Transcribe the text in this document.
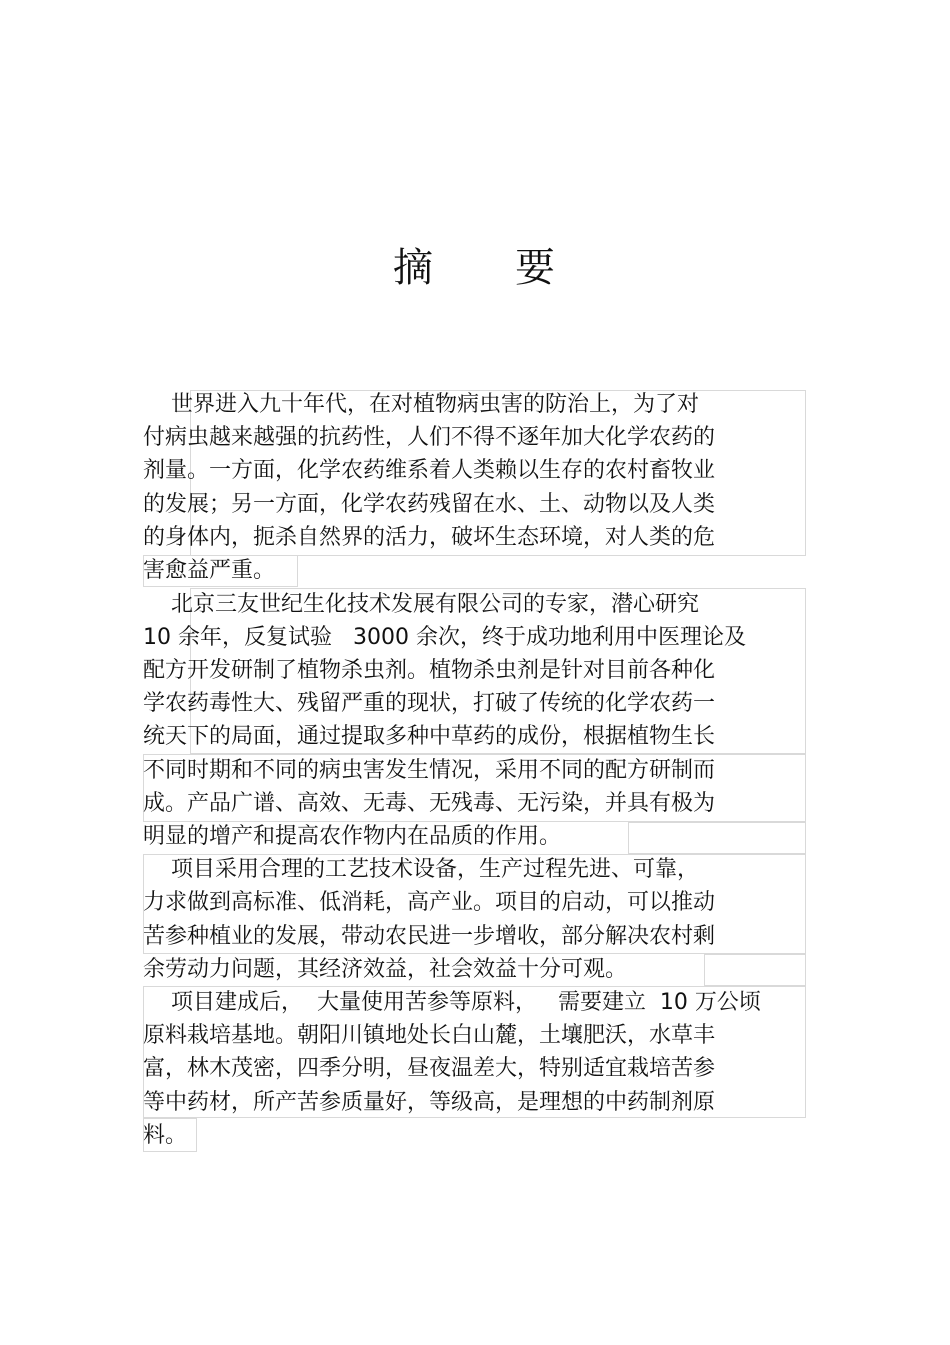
摘 要
世界进入九十年代，在对植物病虫害的防治上，为了对
付病虫越来越强的抗药性，人们不得不逐年加大化学农药的
剂量。一方面，化学农药维系着人类赖以生存的农村畜牧业
的发展；另一方面，化学农药残留在水、土、动物以及人类
的身体内，扼杀自然界的活力，破坏生态环境，对人类的危
害愈益严重。
北京三友世纪生化技术发展有限公司的专家，潜心研究
10 余年，反复试验   3000 余次，终于成功地利用中医理论及
配方开发研制了植物杀虫剂。植物杀虫剂是针对目前各种化
学农药毒性大、残留严重的现状，打破了传统的化学农药一
统天下的局面，通过提取多种中草药的成份，根据植物生长
不同时期和不同的病虫害发生情况，采用不同的配方研制而
成。产品广谱、高效、无毒、无残毒、无污染，并具有极为
明显的增产和提高农作物内在品质的作用。
项目采用合理的工艺技术设备，生产过程先进、可靠，
力求做到高标准、低消耗，高产业。项目的启动，可以推动
苦参种植业的发展，带动农民进一步增收，部分解决农村剩
余劳动力问题，其经济效益，社会效益十分可观。
项目建成后，  大量使用苦参等原料，   需要建立  10 万公顷
原料栽培基地。朝阳川镇地处长白山麓，土壤肥沃，水草丰
富，林木茂密，四季分明，昼夜温差大，特别适宜栽培苦参
等中药材，所产苦参质量好，等级高，是理想的中药制剂原
料。
